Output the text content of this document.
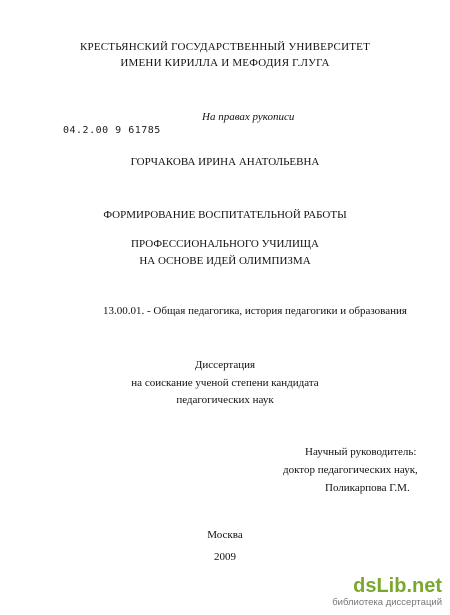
КРЕСТЬЯНСКИЙ ГОСУДАРСТВЕННЫЙ УНИВЕРСИТЕТ
ИМЕНИ КИРИЛЛА И МЕФОДИЯ Г.ЛУГА
На правах рукописи
04.2.00 9 61785
ГОРЧАКОВА ИРИНА АНАТОЛЬЕВНА
ФОРМИРОВАНИЕ ВОСПИТАТЕЛЬНОЙ РАБОТЫ
ПРОФЕССИОНАЛЬНОГО УЧИЛИЩА
НА ОСНОВЕ ИДЕЙ ОЛИМПИЗМА
13.00.01. - Общая педагогика, история педагогики и образования
Диссертация
на соискание ученой степени кандидата
педагогических наук
Научный руководитель:
доктор педагогических наук,
Поликарпова Г.М.
Москва
2009
dsLib.net
библиотека диссертаций
